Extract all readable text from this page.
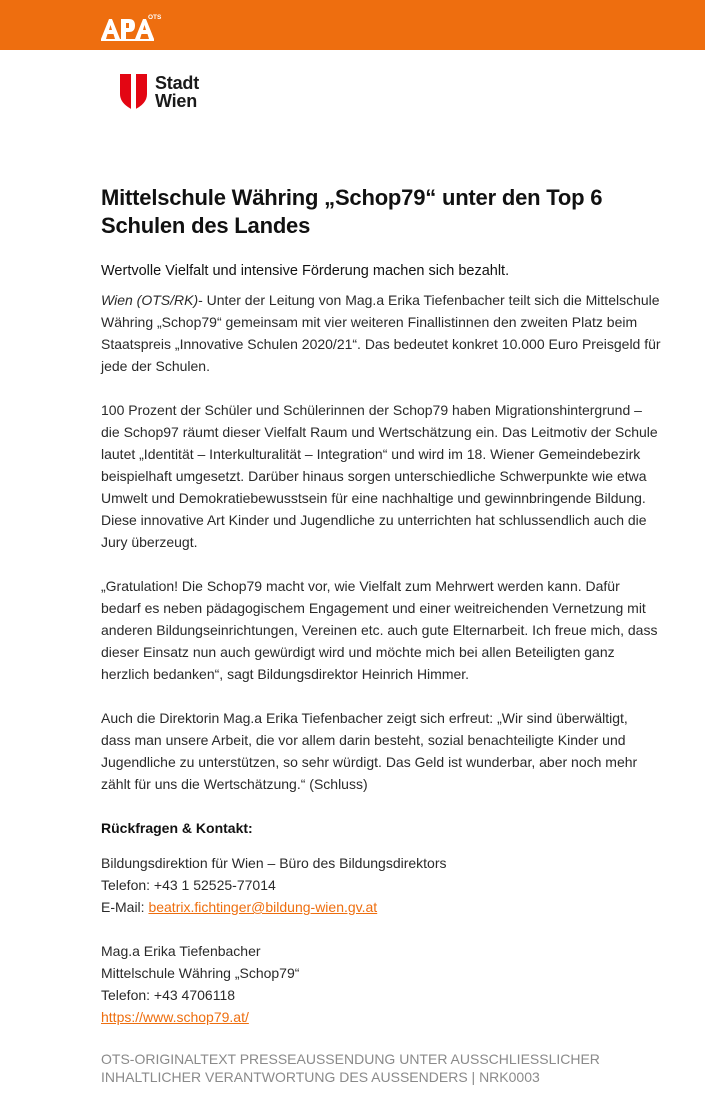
OTS
Stadt
Wien
Mittelschule Währing „Schop79“ unter den Top 6 Schulen des Landes
Wertvolle Vielfalt und intensive Förderung machen sich bezahlt.

Wien (OTS/RK)- Unter der Leitung von Mag.a Erika Tiefenbacher teilt sich die Mittelschule Währing „Schop79“ gemeinsam mit vier weiteren Finallistinnen den zweiten Platz beim Staatspreis „Innovative Schulen 2020/21“. Das bedeutet konkret 10.000 Euro Preisgeld für jede der Schulen.

100 Prozent der Schüler und Schülerinnen der Schop79 haben Migrationshintergrund – die Schop97 räumt dieser Vielfalt Raum und Wertschätzung ein. Das Leitmotiv der Schule lautet „Identität – Interkulturalität – Integration“ und wird im 18. Wiener Gemeindebezirk beispielhaft umgesetzt. Darüber hinaus sorgen unterschiedliche Schwerpunkte wie etwa Umwelt und Demokratiebewusstsein für eine nachhaltige und gewinnbringende Bildung. Diese innovative Art Kinder und Jugendliche zu unterrichten hat schlussendlich auch die Jury überzeugt.

„Gratulation! Die Schop79 macht vor, wie Vielfalt zum Mehrwert werden kann. Dafür bedarf es neben pädagogischem Engagement und einer weitreichenden Vernetzung mit anderen Bildungseinrichtungen, Vereinen etc. auch gute Elternarbeit. Ich freue mich, dass dieser Einsatz nun auch gewürdigt wird und möchte mich bei allen Beteiligten ganz herzlich bedanken“, sagt Bildungsdirektor Heinrich Himmer.

Auch die Direktorin Mag.a Erika Tiefenbacher zeigt sich erfreut: „Wir sind überwältigt, dass man unsere Arbeit, die vor allem darin besteht, sozial benachteiligte Kinder und Jugendliche zu unterstützen, so sehr würdigt. Das Geld ist wunderbar, aber noch mehr zählt für uns die Wertschätzung.“ (Schluss)

Rückfragen & Kontakt:
Bildungsdirektion für Wien – Büro des Bildungsdirektors
Telefon: +43 1 52525-77014
E-Mail: beatrix.fichtinger@bildung-wien.gv.at
Mag.a Erika Tiefenbacher
Mittelschule Währing „Schop79“
Telefon: +43 4706118
https://www.schop79.at/
OTS-ORIGINALTEXT PRESSEAUSSENDUNG UNTER AUSSCHLIESSLICHER INHALTLICHER VERANTWORTUNG DES AUSSENDERS | NRK0003
